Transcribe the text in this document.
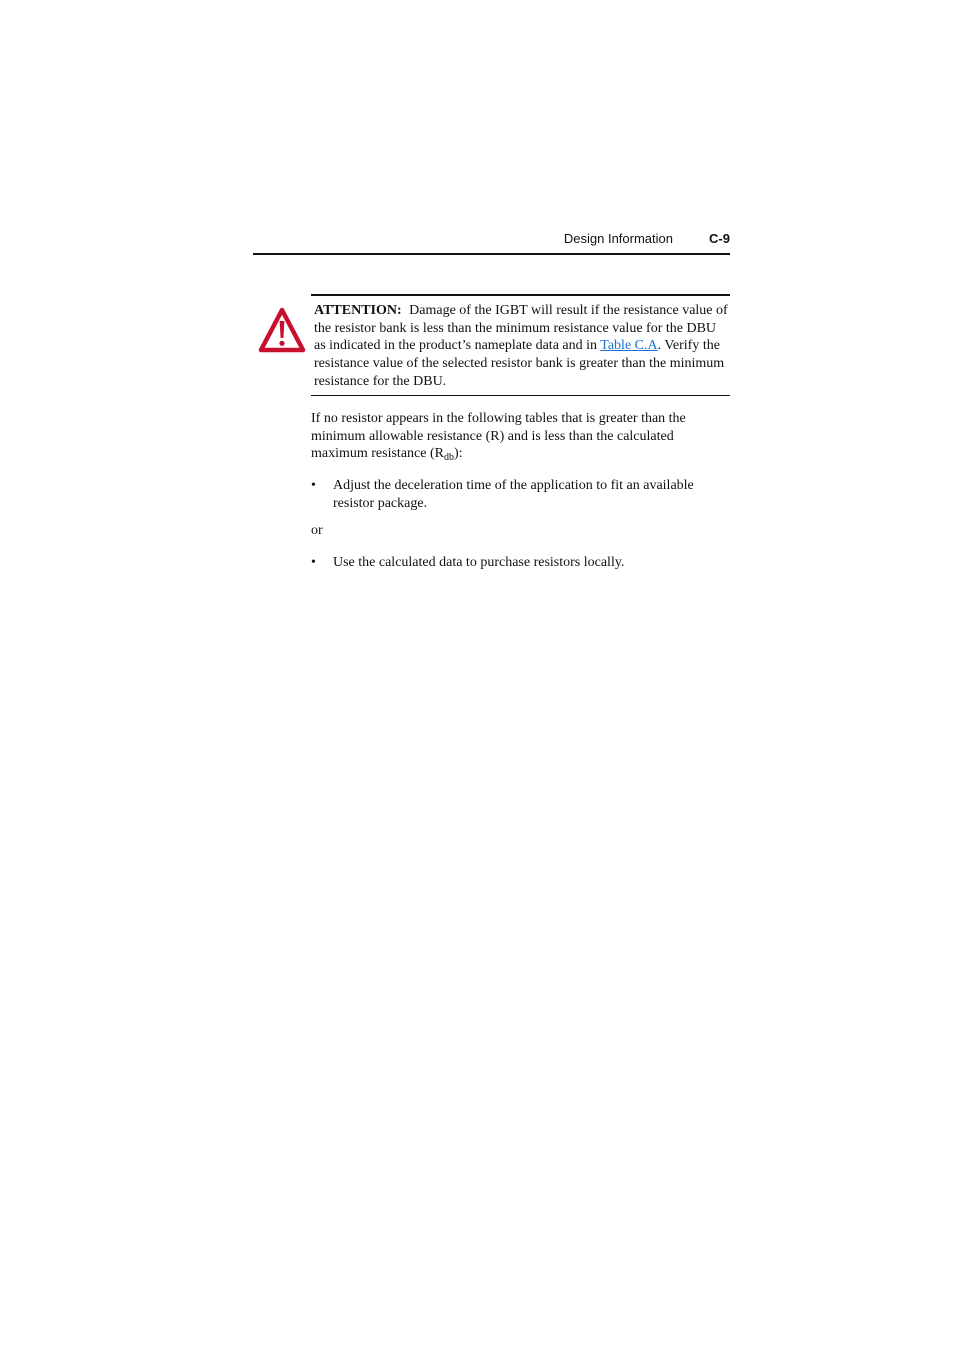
Design Information	C-9
ATTENTION: Damage of the IGBT will result if the resistance value of the resistor bank is less than the minimum resistance value for the DBU as indicated in the product’s nameplate data and in Table C.A. Verify the resistance value of the selected resistor bank is greater than the minimum resistance for the DBU.
If no resistor appears in the following tables that is greater than the minimum allowable resistance (R) and is less than the calculated maximum resistance $(R_{db})$:
•	Adjust the deceleration time of the application to fit an available resistor package.
or
•	Use the calculated data to purchase resistors locally.
